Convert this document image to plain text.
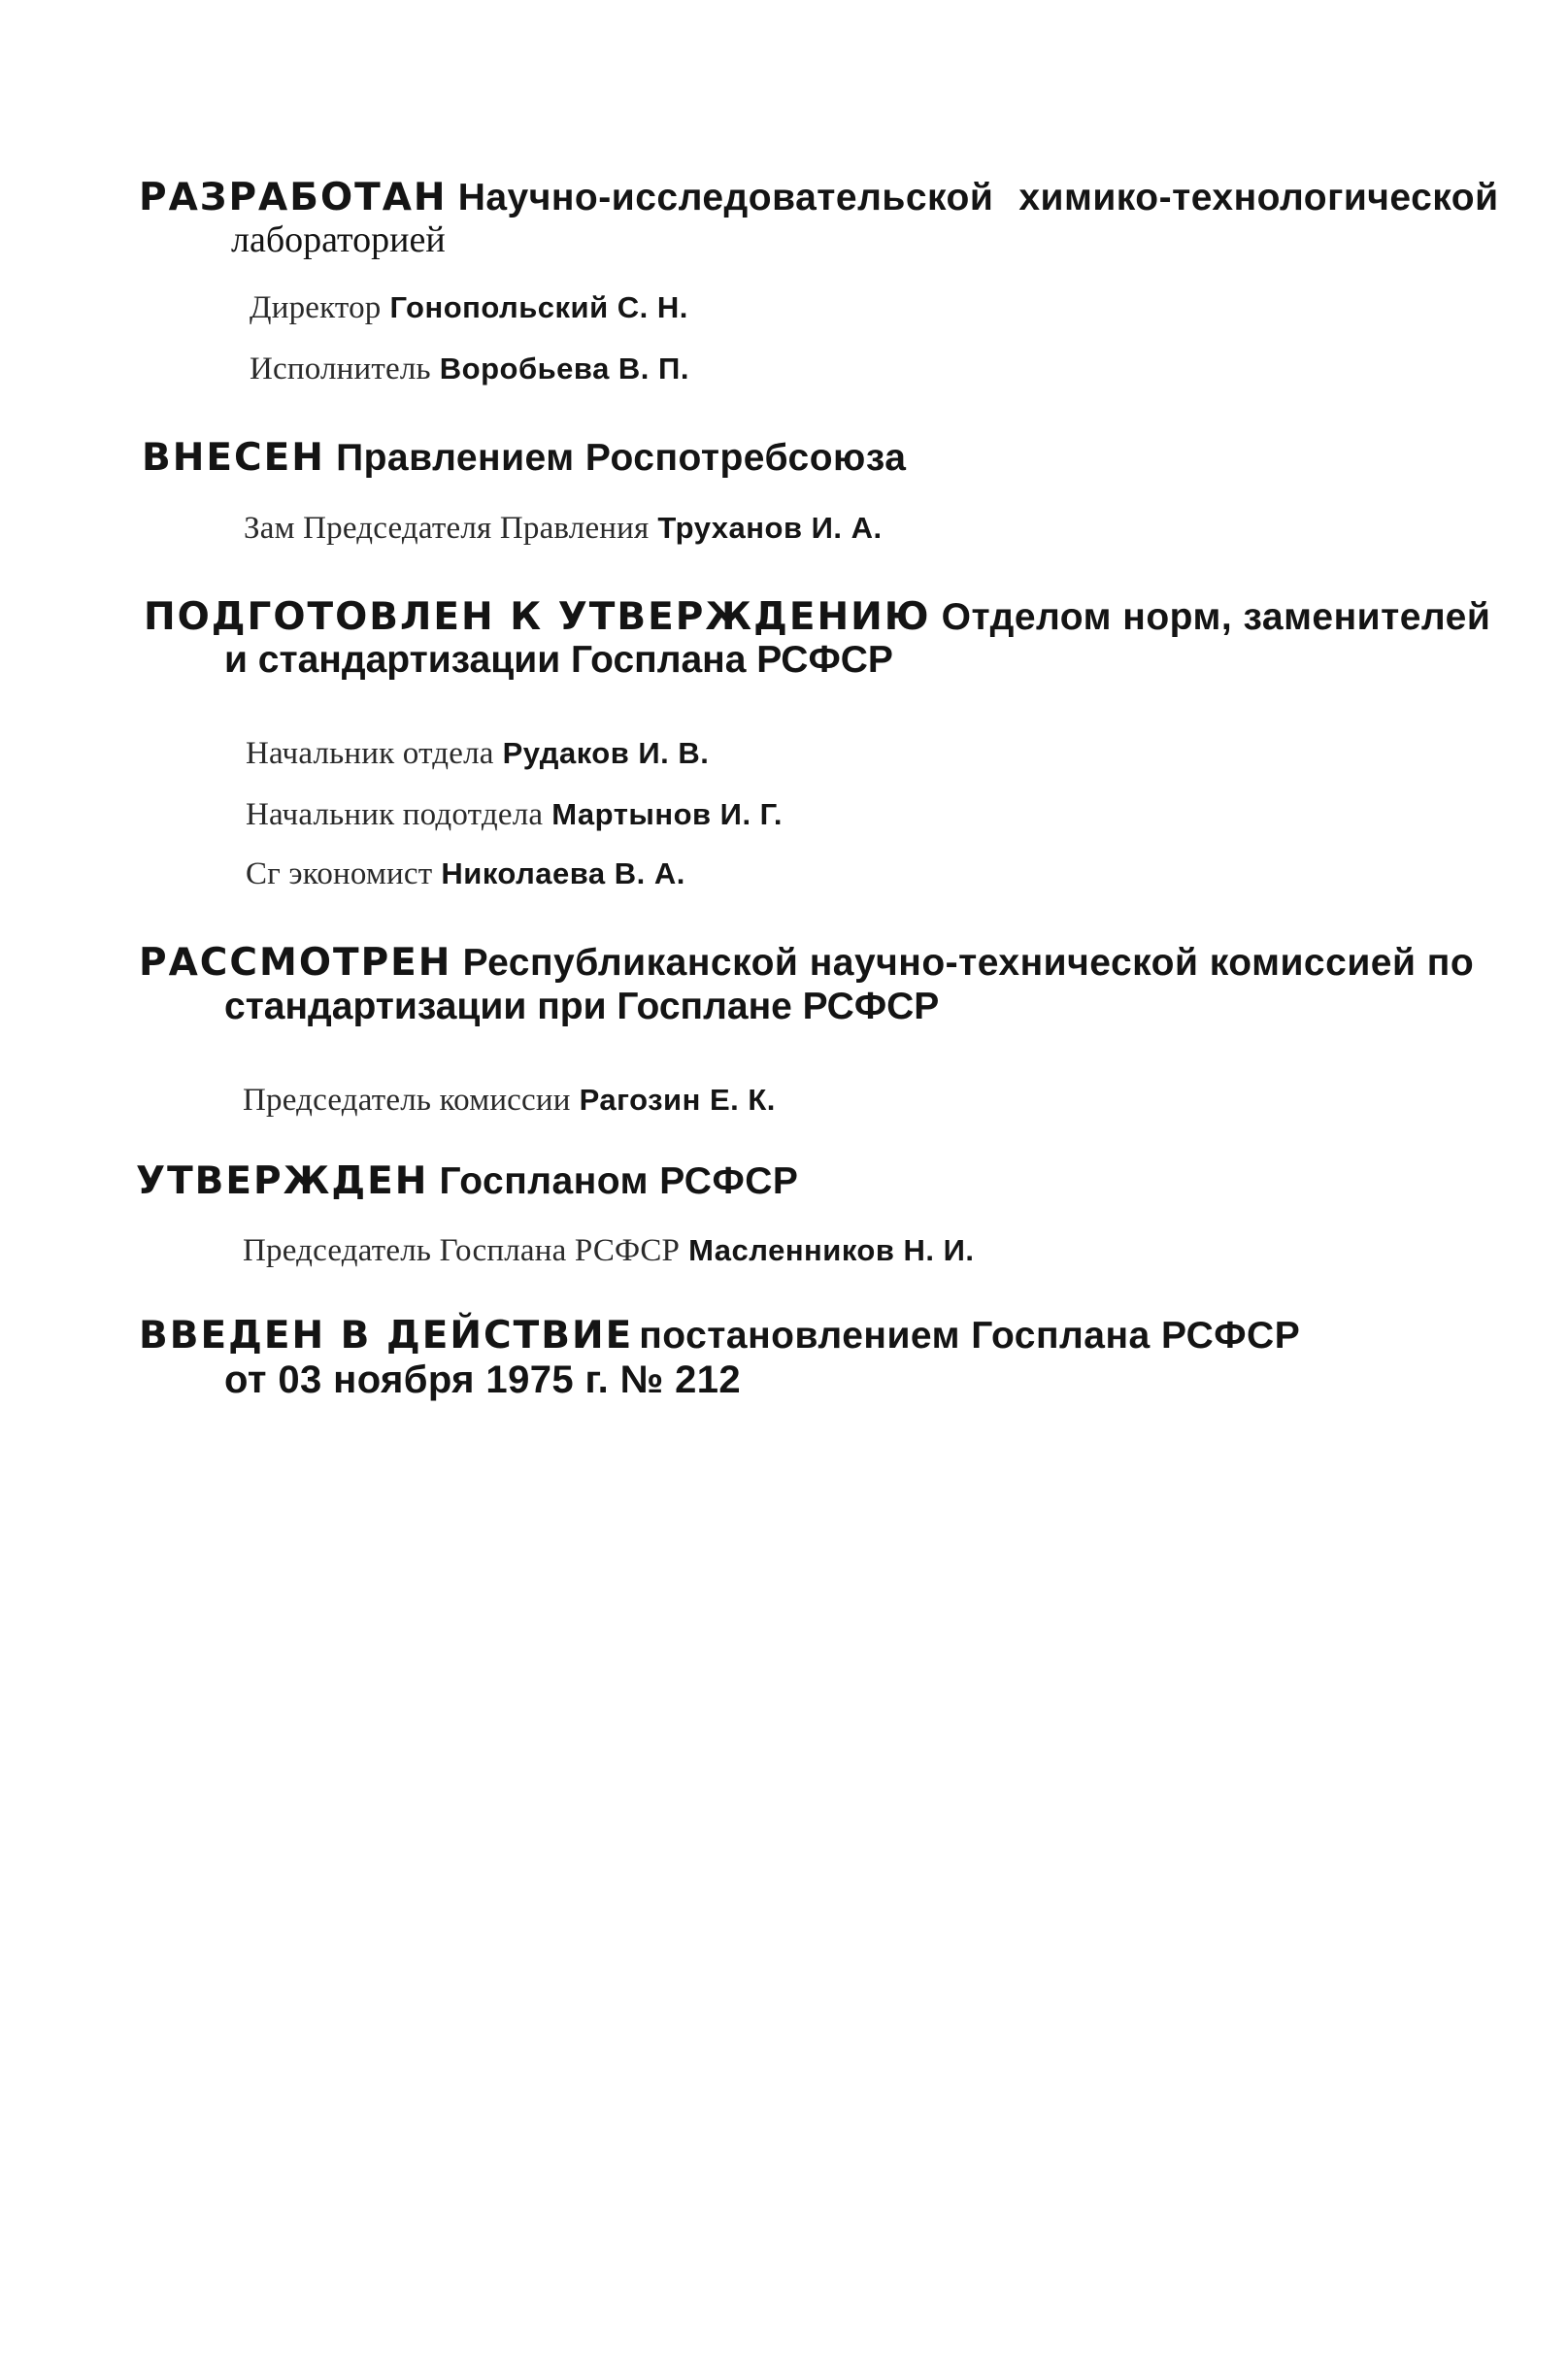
РАЗРАБОТАН Научно-исследовательской химико-технологической
лабораторией
Директор Гонопольский С. Н.
Исполнитель Воробьева В. П.
ВНЕСЕН Правлением Роспотребсоюза
Зам Председателя Правления Труханов И. А.
ПОДГОТОВЛЕН К УТВЕРЖДЕНИЮ Отделом норм, заменителей
и стандартизации Госплана РСФСР
Начальник отдела Рудаков И. В.
Начальник подотдела Мартынов И. Г.
Сг экономист Николаева В. А.
РАССМОТРЕН Республиканской научно-технической комиссией по
стандартизации при Госплане РСФСР
Председатель комиссии Рагозин Е. К.
УТВЕРЖДЕН Госпланом РСФСР
Председатель Госплана РСФСР Масленников Н. И.
ВВЕДЕН В ДЕЙСТВИЕ постановлением Госплана РСФСР
от 03 ноября 1975 г. № 212
